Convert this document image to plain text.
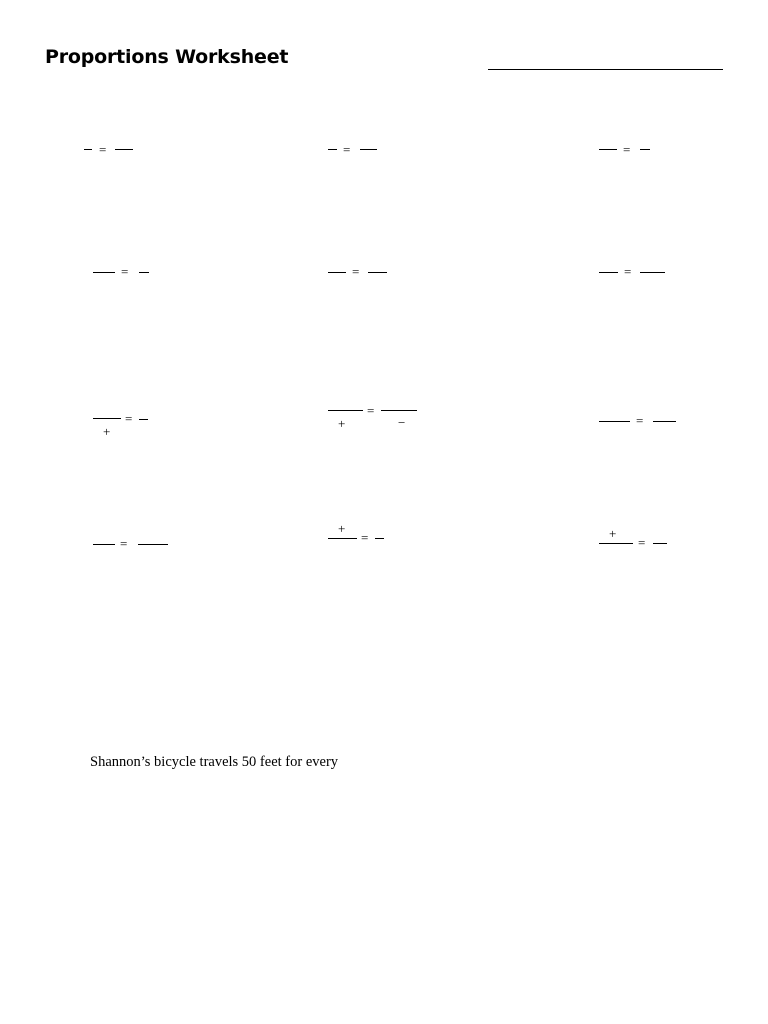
Proportions Worksheet
=	=	=
=	=	=
=
+
=
+	−	=
=
+
=	+
=
Shannon’s bicycle travels 50 feet for every
